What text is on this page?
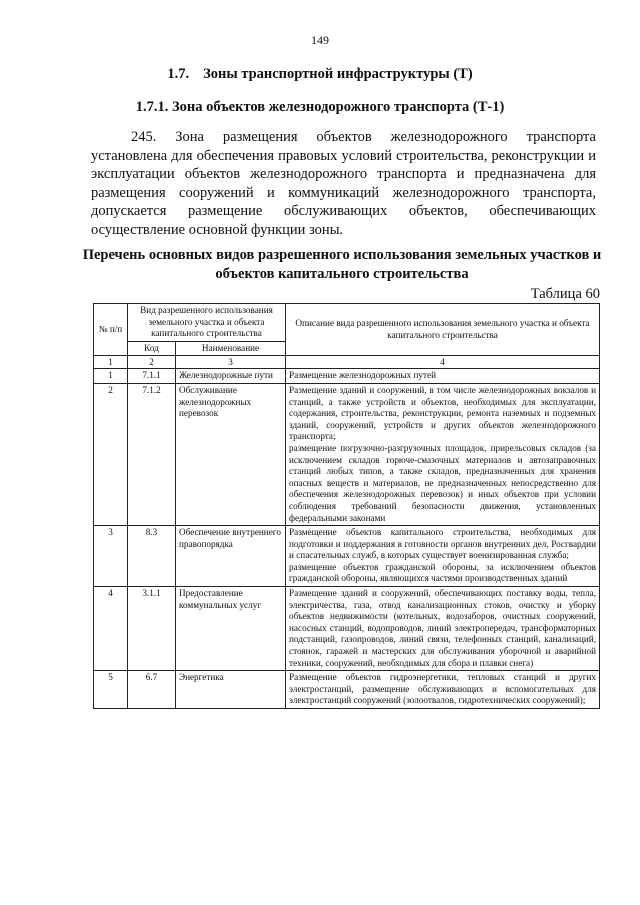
149
1.7. Зоны транспортной инфраструктуры (Т)
1.7.1. Зона объектов железнодорожного транспорта (Т-1)

245. Зона размещения объектов железнодорожного транспорта установлена для обеспечения правовых условий строительства, реконструкции и эксплуатации объектов железнодорожного транспорта и предназначена для размещения сооружений и коммуникаций железнодорожного транспорта, допускается размещение обслуживающих объектов, обеспечивающих осуществление основной функции зоны.

Перечень основных видов разрешенного использования земельных участков и объектов капитального строительства

Таблица 60
№ п/п	Вид разрешенного использования земельного участка и объекта капитального строительства		Описание вида разрешенного использования земельного участка и объекта капитального строительства
	Код	Наименование	
1	2	3	4
1	7.1.1	Железнодорожные пути	Размещение железнодорожных путей

2	7.1.2	Обслуживание железнодорожных перевозок	Размещение зданий и сооружений, в том числе железнодорожных вокзалов и станций, а также устройств и объектов, необходимых для эксплуатации, содержания, строительства, реконструкции, ремонта наземных и подземных зданий, сооружений, устройств и других объектов железнодорожного транспорта;

размещение погрузочно-разгрузочных площадок, прирельсовых складов (за исключением складов горюче-смазочных материалов и автозаправочных станций любых типов, а также складов, предназначенных для хранения опасных веществ и материалов, не предназначенных непосредственно для обеспечения железнодорожных перевозок) и иных объектов при условии соблюдения требований безопасности движения, установленных федеральными законами

3	8.3	Обеспечение внутреннего правопорядка	Размещение объектов капитального строительства, необходимых для подготовки и поддержания в готовности органов внутренних дел, Росгвардии и спасательных служб, в которых существует военизированная служба;

размещение объектов гражданской обороны, за исключением объектов гражданской обороны, являющихся частями производственных зданий

4	3.1.1	Предоставление коммунальных услуг	Размещение зданий и сооружений, обеспечивающих поставку воды, тепла, электричества, газа, отвод канализационных стоков, очистку и уборку объектов недвижимости (котельных, водозаборов, очистных сооружений, насосных станций, водопроводов, линий электропередач, трансформаторных подстанций, газопроводов, линий связи, телефонных станций, канализаций, стоянок, гаражей и мастерских для обслуживания уборочной и аварийной техники, сооружений, необходимых для сбора и плавки снега)

5	6.7	Энергетика	Размещение объектов гидроэнергетики, тепловых станций и других электростанций, размещение обслуживающих и вспомогательных для электростанций сооружений (золоотвалов, гидротехнических сооружений);
